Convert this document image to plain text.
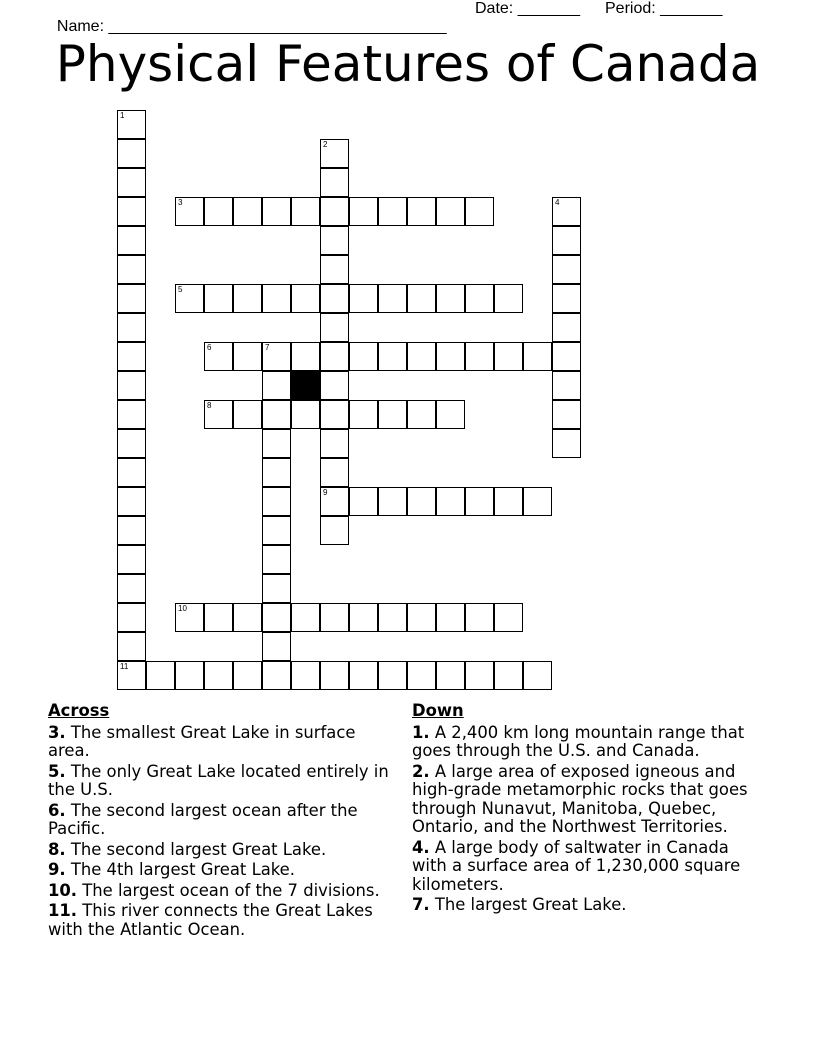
Name: ______________________________________

Date: _______

Period: _______

Physical Features of Canada
1
11
2
9
3	4
5
6	7
8
10
Across
3. The smallest Great Lake in surface area.
5. The only Great Lake located entirely in the U.S.
6. The second largest ocean after the Pacific.
8. The second largest Great Lake.
9. The 4th largest Great Lake.
10. The largest ocean of the 7 divisions.
11. This river connects the Great Lakes with the Atlantic Ocean.
Down
1. A 2,400 km long mountain range that goes through the U.S. and Canada.
2. A large area of exposed igneous and high-grade metamorphic rocks that goes through Nunavut, Manitoba, Quebec, Ontario, and the Northwest Territories.
4. A large body of saltwater in Canada with a surface area of 1,230,000 square kilometers.
7. The largest Great Lake.
